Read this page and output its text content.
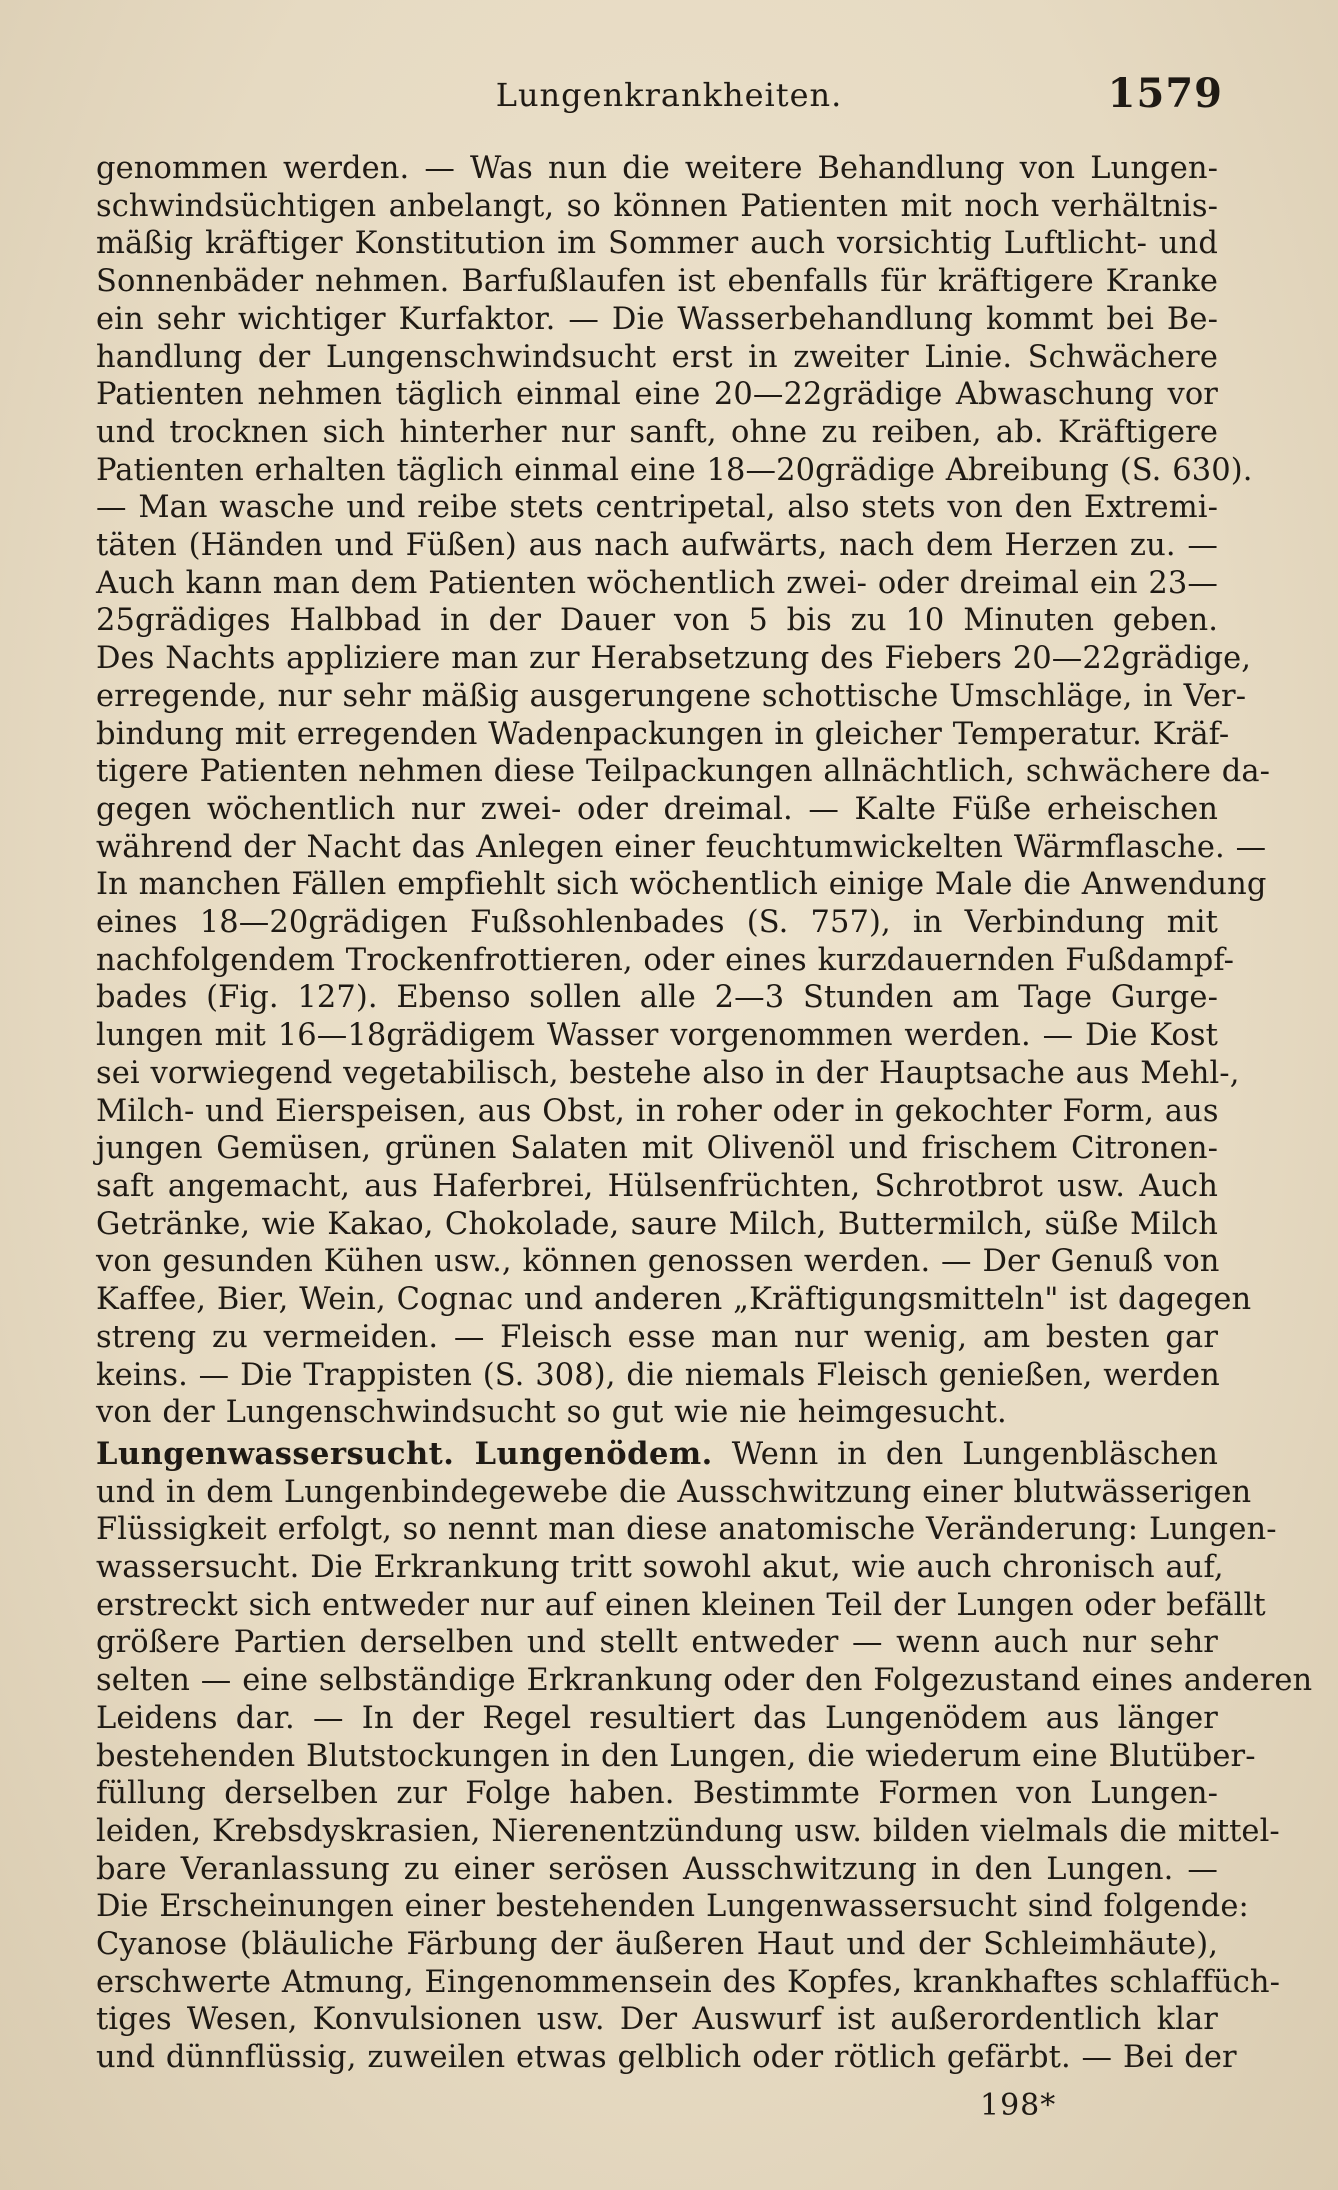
Lungenkrankheiten.	1579
genommen werden. — Was nun die weitere Behandlung von Lungen-
schwindsüchtigen anbelangt, so können Patienten mit noch verhältnis-
mäßig kräftiger Konstitution im Sommer auch vorsichtig Luftlicht- und
Sonnenbäder nehmen. Barfußlaufen ist ebenfalls für kräftigere Kranke
ein sehr wichtiger Kurfaktor. — Die Wasserbehandlung kommt bei Be-
handlung der Lungenschwindsucht erst in zweiter Linie. Schwächere
Patienten nehmen täglich einmal eine 20—22grädige Abwaschung vor
und trocknen sich hinterher nur sanft, ohne zu reiben, ab. Kräftigere
Patienten erhalten täglich einmal eine 18—20grädige Abreibung (S. 630).
— Man wasche und reibe stets centripetal, also stets von den Extremi-
täten (Händen und Füßen) aus nach aufwärts, nach dem Herzen zu. —
Auch kann man dem Patienten wöchentlich zwei- oder dreimal ein 23—
25grädiges Halbbad in der Dauer von 5 bis zu 10 Minuten geben.
Des Nachts appliziere man zur Herabsetzung des Fiebers 20—22grädige,
erregende, nur sehr mäßig ausgerungene schottische Umschläge, in Ver-
bindung mit erregenden Wadenpackungen in gleicher Temperatur. Kräf-
tigere Patienten nehmen diese Teilpackungen allnächtlich, schwächere da-
gegen wöchentlich nur zwei- oder dreimal. — Kalte Füße erheischen
während der Nacht das Anlegen einer feuchtumwickelten Wärmflasche. —
In manchen Fällen empfiehlt sich wöchentlich einige Male die Anwendung
eines 18—20grädigen Fußsohlenbades (S. 757), in Verbindung mit
nachfolgendem Trockenfrottieren, oder eines kurzdauernden Fußdampf-
bades (Fig. 127). Ebenso sollen alle 2—3 Stunden am Tage Gurge-
lungen mit 16—18grädigem Wasser vorgenommen werden. — Die Kost
sei vorwiegend vegetabilisch, bestehe also in der Hauptsache aus Mehl-,
Milch- und Eierspeisen, aus Obst, in roher oder in gekochter Form, aus
jungen Gemüsen, grünen Salaten mit Olivenöl und frischem Citronen-
saft angemacht, aus Haferbrei, Hülsenfrüchten, Schrotbrot usw. Auch
Getränke, wie Kakao, Chokolade, saure Milch, Buttermilch, süße Milch
von gesunden Kühen usw., können genossen werden. — Der Genuß von
Kaffee, Bier, Wein, Cognac und anderen „Kräftigungsmitteln" ist dagegen
streng zu vermeiden. — Fleisch esse man nur wenig, am besten gar
keins. — Die Trappisten (S. 308), die niemals Fleisch genießen, werden
von der Lungenschwindsucht so gut wie nie heimgesucht.
Lungenwassersucht. Lungenödem. Wenn in den Lungenbläschen
und in dem Lungenbindegewebe die Ausschwitzung einer blutwässerigen
Flüssigkeit erfolgt, so nennt man diese anatomische Veränderung: Lungen-
wassersucht. Die Erkrankung tritt sowohl akut, wie auch chronisch auf,
erstreckt sich entweder nur auf einen kleinen Teil der Lungen oder befällt
größere Partien derselben und stellt entweder — wenn auch nur sehr
selten — eine selbständige Erkrankung oder den Folgezustand eines anderen
Leidens dar. — In der Regel resultiert das Lungenödem aus länger
bestehenden Blutstockungen in den Lungen, die wiederum eine Blutüber-
füllung derselben zur Folge haben. Bestimmte Formen von Lungen-
leiden, Krebsdyskrasien, Nierenentzündung usw. bilden vielmals die mittel-
bare Veranlassung zu einer serösen Ausschwitzung in den Lungen. —
Die Erscheinungen einer bestehenden Lungenwassersucht sind folgende:
Cyanose (bläuliche Färbung der äußeren Haut und der Schleimhäute),
erschwerte Atmung, Eingenommensein des Kopfes, krankhaftes schlaffüch-
tiges Wesen, Konvulsionen usw. Der Auswurf ist außerordentlich klar
und dünnflüssig, zuweilen etwas gelblich oder rötlich gefärbt. — Bei der
198*
